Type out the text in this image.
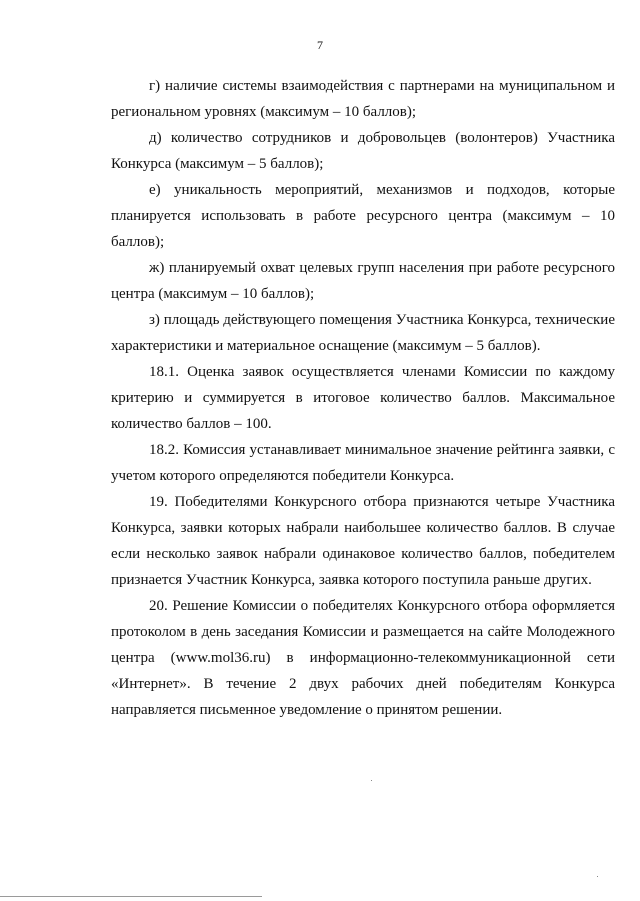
7

г) наличие системы взаимодействия с партнерами на муниципальном и региональном уровнях (максимум – 10 баллов);

д) количество сотрудников и добровольцев (волонтеров) Участника Конкурса (максимум – 5 баллов);

е) уникальность мероприятий, механизмов и подходов, которые планируется использовать в работе ресурсного центра (максимум – 10 баллов);

ж) планируемый охват целевых групп населения при работе ресурсного центра (максимум – 10 баллов);

з) площадь действующего помещения Участника Конкурса, технические характеристики и материальное оснащение (максимум – 5 баллов).

18.1. Оценка заявок осуществляется членами Комиссии по каждому критерию и суммируется в итоговое количество баллов. Максимальное количество баллов – 100.

18.2. Комиссия устанавливает минимальное значение рейтинга заявки, с учетом которого определяются победители Конкурса.

19. Победителями Конкурсного отбора признаются четыре Участника Конкурса, заявки которых набрали наибольшее количество баллов. В случае если несколько заявок набрали одинаковое количество баллов, победителем признается Участник Конкурса, заявка которого поступила раньше других.

20. Решение Комиссии о победителях Конкурсного отбора оформляется протоколом в день заседания Комиссии и размещается на сайте Молодежного центра (www.mol36.ru) в информационно-телекоммуникационной сети «Интернет». В течение 2 двух рабочих дней победителям Конкурса направляется письменное уведомление о принятом решении.
